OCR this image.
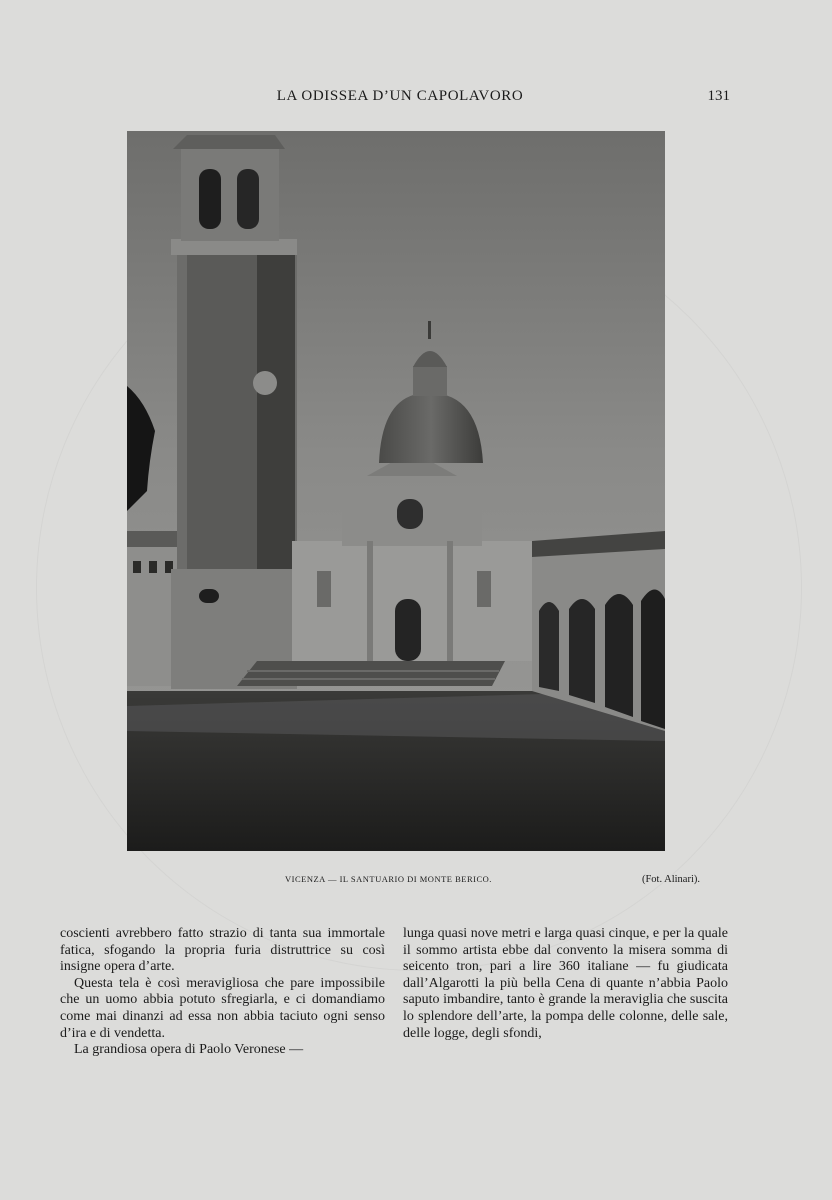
LA ODISSEA D’UN CAPOLAVORO	131
VICENZA — IL SANTUARIO DI MONTE BERICO.	(Fot. Alinari).

coscienti avrebbero fatto strazio di tanta sua immortale fatica, sfogando la propria furia distruttrice su così insigne opera d’arte.

Questa tela è così meravigliosa che pare impossibile che un uomo abbia potuto sfregiarla, e ci domandiamo come mai dinanzi ad essa non abbia taciuto ogni senso d’ira e di vendetta.

La grandiosa opera di Paolo Veronese —

lunga quasi nove metri e larga quasi cinque, e per la quale il sommo artista ebbe dal convento la misera somma di seicento tron, pari a lire 360 italiane — fu giudicata dall’Algarotti la più bella Cena di quante n’abbia Paolo saputo imbandire, tanto è grande la meraviglia che suscita lo splendore dell’arte, la pompa delle colonne, delle sale, delle logge, degli sfondi,
